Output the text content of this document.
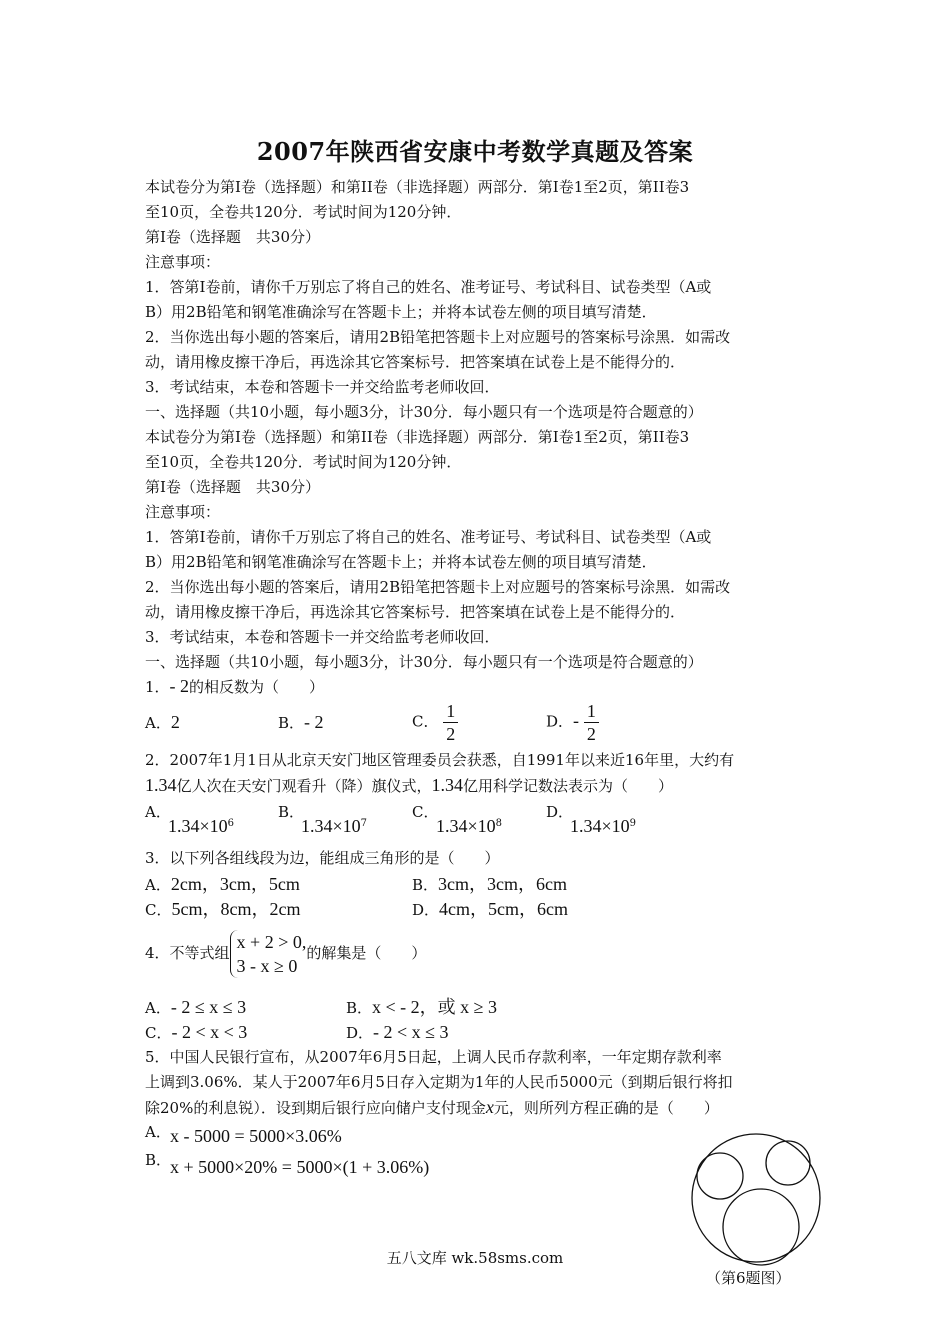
2007年陕西省安康中考数学真题及答案
本试卷分为第Ⅰ卷（选择题）和第II卷（非选择题）两部分．第Ⅰ卷1至2页，第II卷3
至10页，全卷共120分．考试时间为120分钟．
第Ⅰ卷（选择题　共30分）
注意事项：
1．答第Ⅰ卷前，请你千万别忘了将自己的姓名、准考证号、考试科目、试卷类型（A或
B）用2B铅笔和钢笔准确涂写在答题卡上；并将本试卷左侧的项目填写清楚．
2．当你选出每小题的答案后，请用2B铅笔把答题卡上对应题号的答案标号涂黑．如需改
动，请用橡皮擦干净后，再选涂其它答案标号．把答案填在试卷上是不能得分的．
3．考试结束，本卷和答题卡一并交给监考老师收回．
一、选择题（共10小题，每小题3分，计30分．每小题只有一个选项是符合题意的）
本试卷分为第Ⅰ卷（选择题）和第II卷（非选择题）两部分．第Ⅰ卷1至2页，第II卷3
至10页，全卷共120分．考试时间为120分钟．
第Ⅰ卷（选择题　共30分）
注意事项：
1．答第Ⅰ卷前，请你千万别忘了将自己的姓名、准考证号、考试科目、试卷类型（A或
B）用2B铅笔和钢笔准确涂写在答题卡上；并将本试卷左侧的项目填写清楚．
2．当你选出每小题的答案后，请用2B铅笔把答题卡上对应题号的答案标号涂黑．如需改
动，请用橡皮擦干净后，再选涂其它答案标号．把答案填在试卷上是不能得分的．
3．考试结束，本卷和答题卡一并交给监考老师收回．
一、选择题（共10小题，每小题3分，计30分．每小题只有一个选项是符合题意的）
1．- 2的相反数为（　　）
A．2	B．- 2	C． $\frac{1}{2}$	D．- $\frac{1}{2}$
2．2007年1月1日从北京天安门地区管理委员会获悉，自1991年以来近16年里，大约有
1.34亿人次在天安门观看升（降）旗仪式，1.34亿用科学记数法表示为（　　）
A．
$1.34\times 10^6$
B．
$1.34\times 10^7$
C．
$1.34\times 10^8$
D．
$1.34\times 10^9$
3．以下列各组线段为边，能组成三角形的是（　　）
A．2cm，3cm，5cm	B．3cm，3cm，6cm
C．5cm，8cm，2cm	D．4cm，5cm，6cm
4．不等式组
x + 2 > 0,
3 - x ≥ 0
的解集是（　　）
A．- 2 ≤ x ≤ 3	B．x < - 2，或 x ≥ 3
C．- 2 < x < 3	D．- 2 < x ≤ 3
5．中国人民银行宣布，从2007年6月5日起，上调人民币存款利率，一年定期存款利率
上调到3.06%．某人于2007年6月5日存入定期为1年的人民币5000元（到期后银行将扣
除20%的利息锐）．设到期后银行应向储户支付现金x元，则所列方程正确的是（　　）
A． x - 5000 = 5000×3.06%
B．
x + 5000×20% = 5000×(1 + 3.06%)
（第6题图）
五八文库 wk.58sms.com
